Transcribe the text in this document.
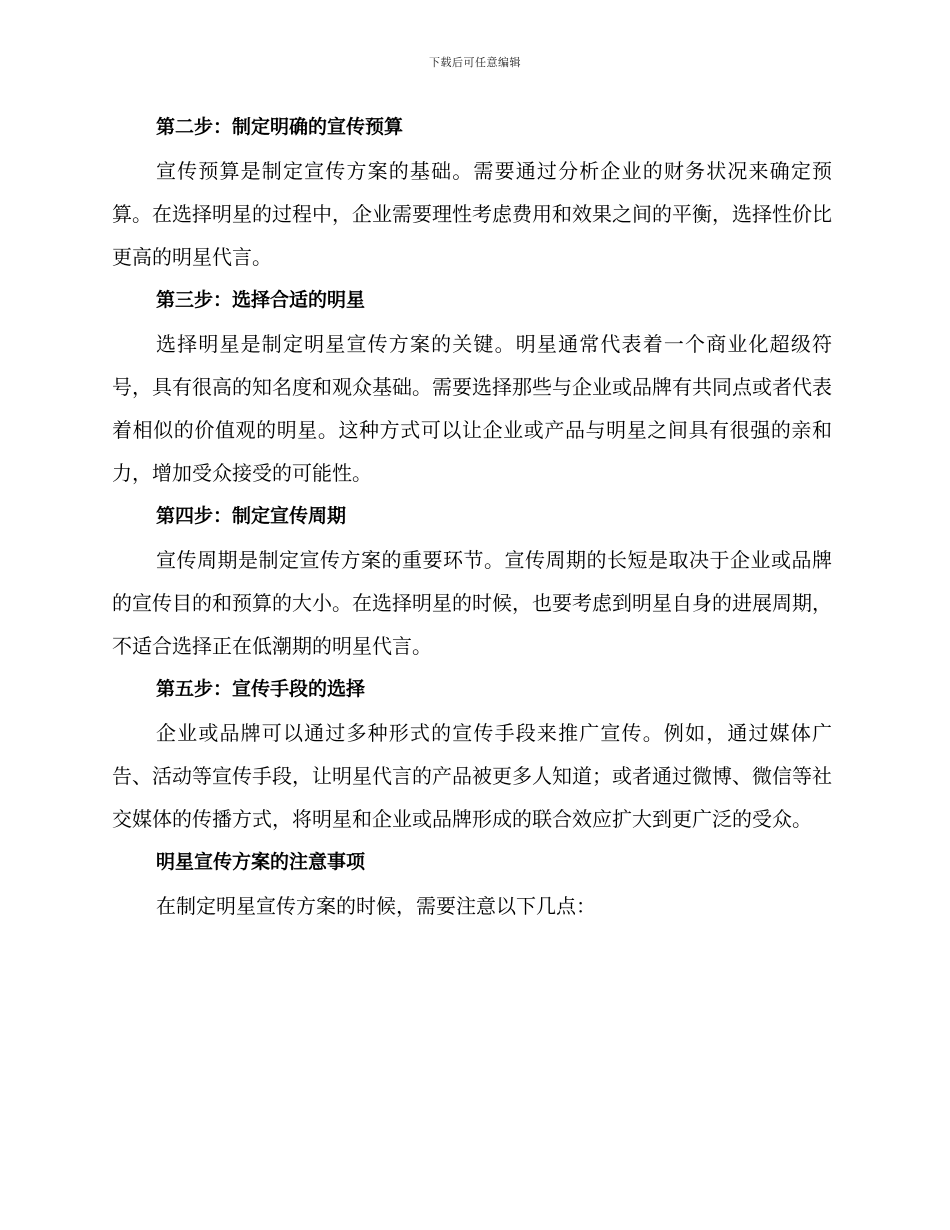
下载后可任意编辑
第二步：制定明确的宣传预算

宣传预算是制定宣传方案的基础。需要通过分析企业的财务状况来确定预算。在选择明星的过程中，企业需要理性考虑费用和效果之间的平衡，选择性价比更高的明星代言。

第三步：选择合适的明星

选择明星是制定明星宣传方案的关键。明星通常代表着一个商业化超级符号，具有很高的知名度和观众基础。需要选择那些与企业或品牌有共同点或者代表着相似的价值观的明星。这种方式可以让企业或产品与明星之间具有很强的亲和力，增加受众接受的可能性。

第四步：制定宣传周期

宣传周期是制定宣传方案的重要环节。宣传周期的长短是取决于企业或品牌的宣传目的和预算的大小。在选择明星的时候，也要考虑到明星自身的进展周期，不适合选择正在低潮期的明星代言。

第五步：宣传手段的选择

企业或品牌可以通过多种形式的宣传手段来推广宣传。例如，通过媒体广告、活动等宣传手段，让明星代言的产品被更多人知道；或者通过微博、微信等社交媒体的传播方式，将明星和企业或品牌形成的联合效应扩大到更广泛的受众。

明星宣传方案的注意事项

在制定明星宣传方案的时候，需要注意以下几点：
